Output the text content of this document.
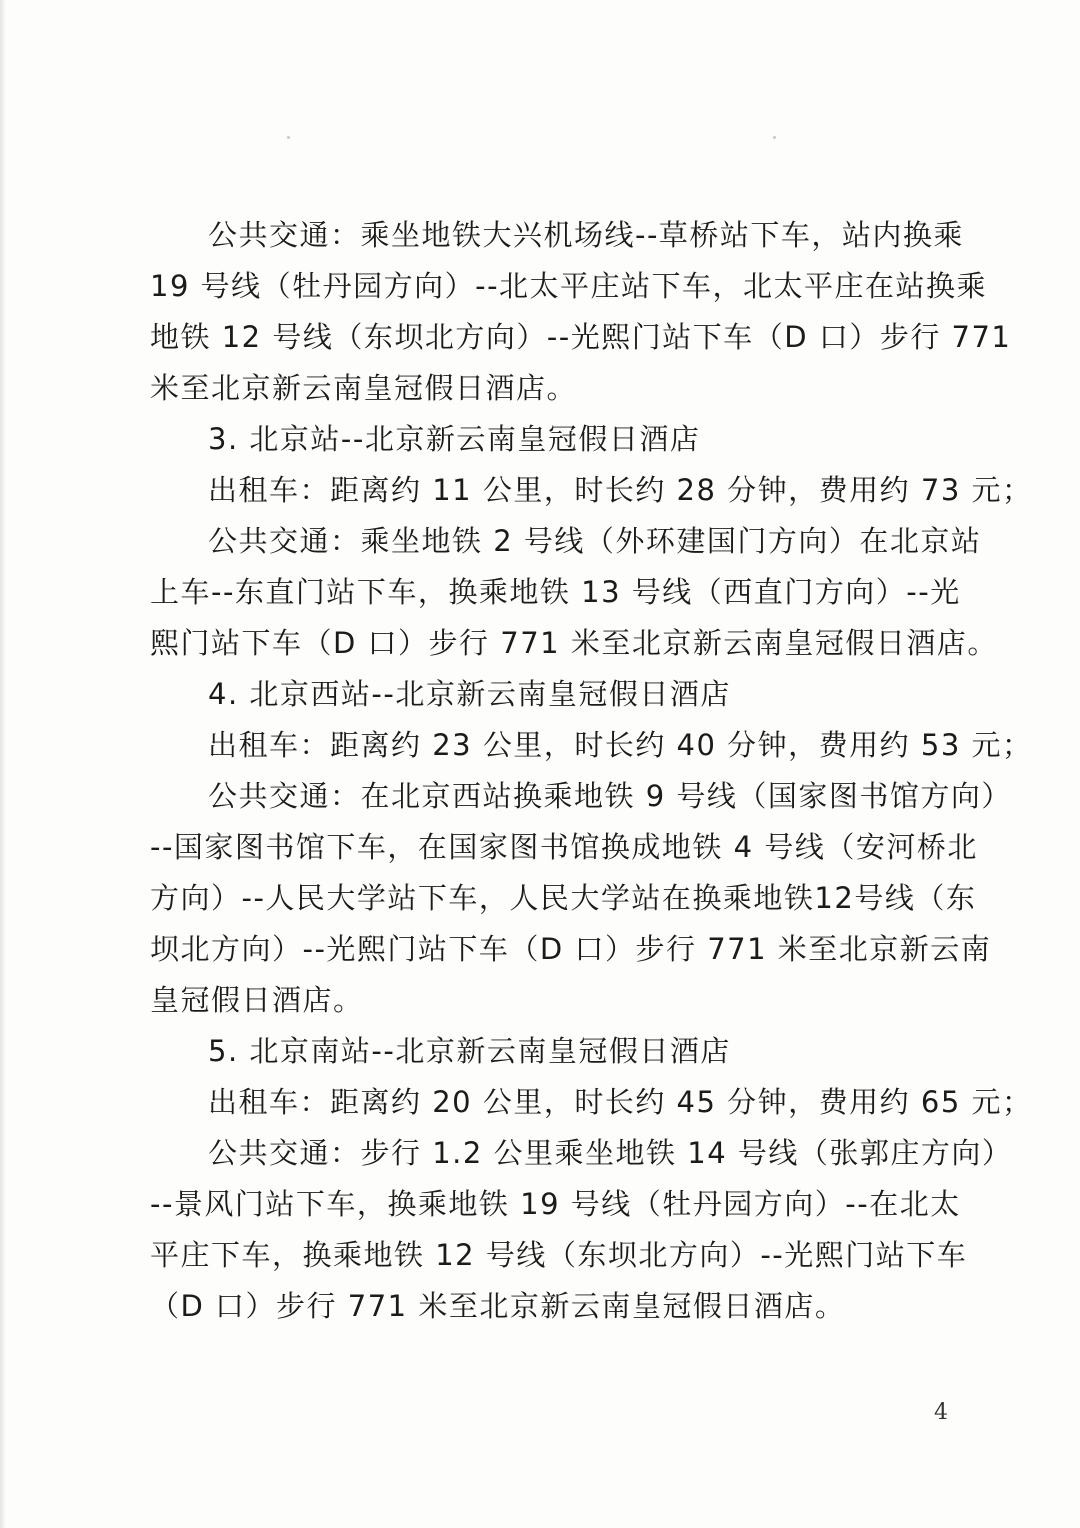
公共交通：乘坐地铁大兴机场线--草桥站下车，站内换乘
19 号线（牡丹园方向）--北太平庄站下车，北太平庄在站换乘
地铁 12 号线（东坝北方向）--光熙门站下车（D 口）步行 771
米至北京新云南皇冠假日酒店。
3. 北京站--北京新云南皇冠假日酒店
出租车：距离约 11 公里，时长约 28 分钟，费用约 73 元；
公共交通：乘坐地铁 2 号线（外环建国门方向）在北京站
上车--东直门站下车，换乘地铁 13 号线（西直门方向）--光
熙门站下车（D 口）步行 771 米至北京新云南皇冠假日酒店。
4. 北京西站--北京新云南皇冠假日酒店
出租车：距离约 23 公里，时长约 40 分钟，费用约 53 元；
公共交通：在北京西站换乘地铁 9 号线（国家图书馆方向）
--国家图书馆下车，在国家图书馆换成地铁 4 号线（安河桥北
方向）--人民大学站下车，人民大学站在换乘地铁12号线（东
坝北方向）--光熙门站下车（D 口）步行 771 米至北京新云南
皇冠假日酒店。
5. 北京南站--北京新云南皇冠假日酒店
出租车：距离约 20 公里，时长约 45 分钟，费用约 65 元；
公共交通：步行 1.2 公里乘坐地铁 14 号线（张郭庄方向）
--景风门站下车，换乘地铁 19 号线（牡丹园方向）--在北太
平庄下车，换乘地铁 12 号线（东坝北方向）--光熙门站下车
（D 口）步行 771 米至北京新云南皇冠假日酒店。
4
